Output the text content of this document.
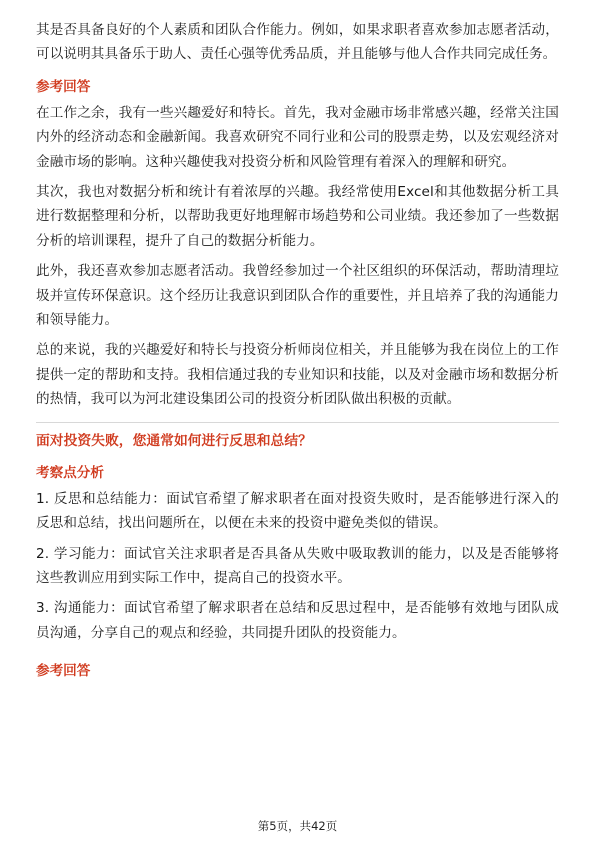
其是否具备良好的个人素质和团队合作能力。例如，如果求职者喜欢参加志愿者活动，可以说明其具备乐于助人、责任心强等优秀品质，并且能够与他人合作共同完成任务。

参考回答

在工作之余，我有一些兴趣爱好和特长。首先，我对金融市场非常感兴趣，经常关注国内外的经济动态和金融新闻。我喜欢研究不同行业和公司的股票走势，以及宏观经济对金融市场的影响。这种兴趣使我对投资分析和风险管理有着深入的理解和研究。

其次，我也对数据分析和统计有着浓厚的兴趣。我经常使用Excel和其他数据分析工具进行数据整理和分析，以帮助我更好地理解市场趋势和公司业绩。我还参加了一些数据分析的培训课程，提升了自己的数据分析能力。

此外，我还喜欢参加志愿者活动。我曾经参加过一个社区组织的环保活动，帮助清理垃圾并宣传环保意识。这个经历让我意识到团队合作的重要性，并且培养了我的沟通能力和领导能力。

总的来说，我的兴趣爱好和特长与投资分析师岗位相关，并且能够为我在岗位上的工作提供一定的帮助和支持。我相信通过我的专业知识和技能，以及对金融市场和数据分析的热情，我可以为河北建设集团公司的投资分析团队做出积极的贡献。

面对投资失败，您通常如何进行反思和总结？
考察点分析

1. 反思和总结能力：面试官希望了解求职者在面对投资失败时，是否能够进行深入的反思和总结，找出问题所在，以便在未来的投资中避免类似的错误。

2. 学习能力：面试官关注求职者是否具备从失败中吸取教训的能力，以及是否能够将这些教训应用到实际工作中，提高自己的投资水平。

3. 沟通能力：面试官希望了解求职者在总结和反思过程中，是否能够有效地与团队成员沟通，分享自己的观点和经验，共同提升团队的投资能力。

参考回答
第5页，共42页
